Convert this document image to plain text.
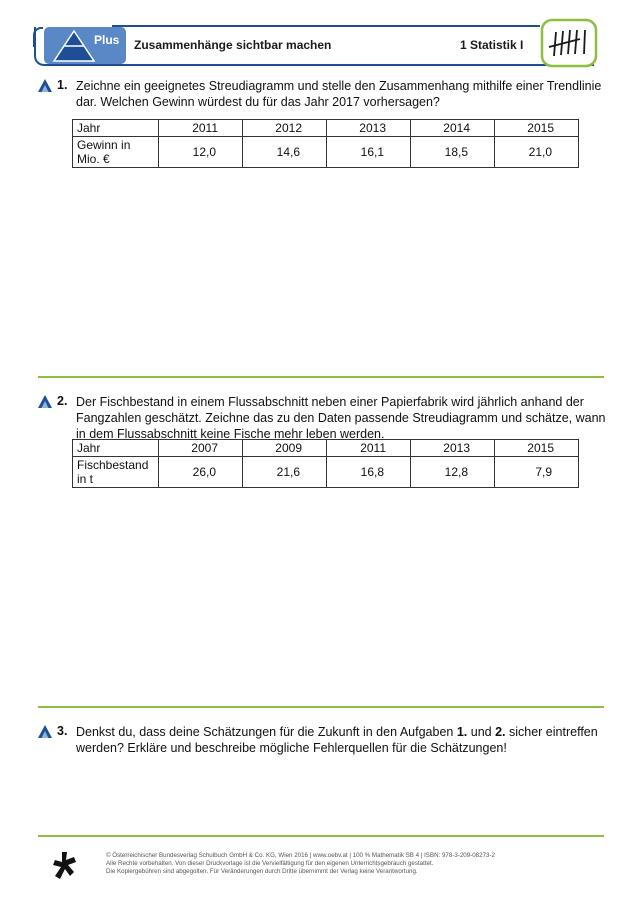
Plus Zusammenhänge sichtbar machen	1 Statistik I
1. Zeichne ein geeignetes Streudiagramm und stelle den Zusammenhang mithilfe einer Trendlinie dar. Welchen Gewinn würdest du für das Jahr 2017 vorhersagen?
Jahr	2011	2012	2013	2014	2015

Gewinn in
Mio. €	12,0	14,6	16,1	18,5	21,0
2. Der Fischbestand in einem Flussabschnitt neben einer Papierfabrik wird jährlich anhand der Fangzahlen geschätzt. Zeichne das zu den Daten passende Streudiagramm und schätze, wann in dem Flussabschnitt keine Fische mehr leben werden.
Jahr	2007	2009	2011	2013	2015

Fischbestand
in t	26,0	21,6	16,8	12,8	7,9
3. Denkst du, dass deine Schätzungen für die Zukunft in den Aufgaben 1. und 2. sicher eintreffen werden? Erkläre und beschreibe mögliche Fehlerquellen für die Schätzungen!
© Österreichischer Bundesverlag Schulbuch GmbH & Co. KG, Wien 2016 | www.oebv.at | 100 % Mathematik SB 4 | ISBN: 978-3-209-08273-2
Alle Rechte vorbehalten. Von dieser Druckvorlage ist die Vervielfältigung für den eigenen Unterrichtsgebrauch gestattet.
Die Kopiergebühren sind abgegolten. Für Veränderungen durch Dritte übernimmt der Verlag keine Verantwortung.
